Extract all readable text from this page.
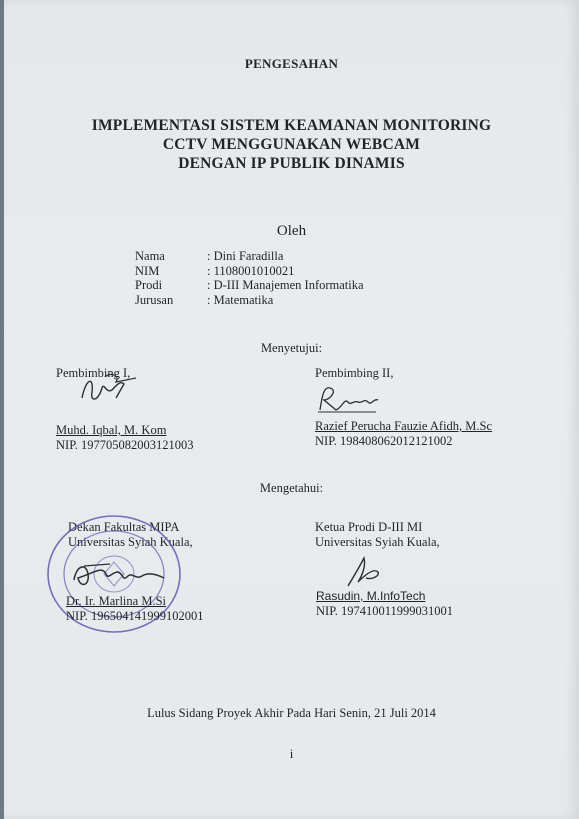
PENGESAHAN
IMPLEMENTASI SISTEM KEAMANAN MONITORING
CCTV MENGGUNAKAN WEBCAM
DENGAN IP PUBLIK DINAMIS
Oleh
Nama	: Dini Faradilla
NIM	: 1108001010021
Prodi	: D-III Manajemen Informatika
Jurusan	: Matematika
Menyetujui:
Pembimbing I,
Muhd. Iqbal, M. Kom
NIP. 197705082003121003
Pembimbing II,
Razief Perucha Fauzie Afidh, M.Sc
NIP. 198408062012121002
Mengetahui:
Dekan Fakultas MIPA
Universitas Syiah Kuala,
Dr. Ir. Marlina M.Si
NIP. 196504141999102001
Ketua Prodi D-III MI
Universitas Syiah Kuala,
Rasudin, M.InfoTech
NIP. 197410011999031001
Lulus Sidang Proyek Akhir Pada Hari Senin, 21 Juli 2014
i
